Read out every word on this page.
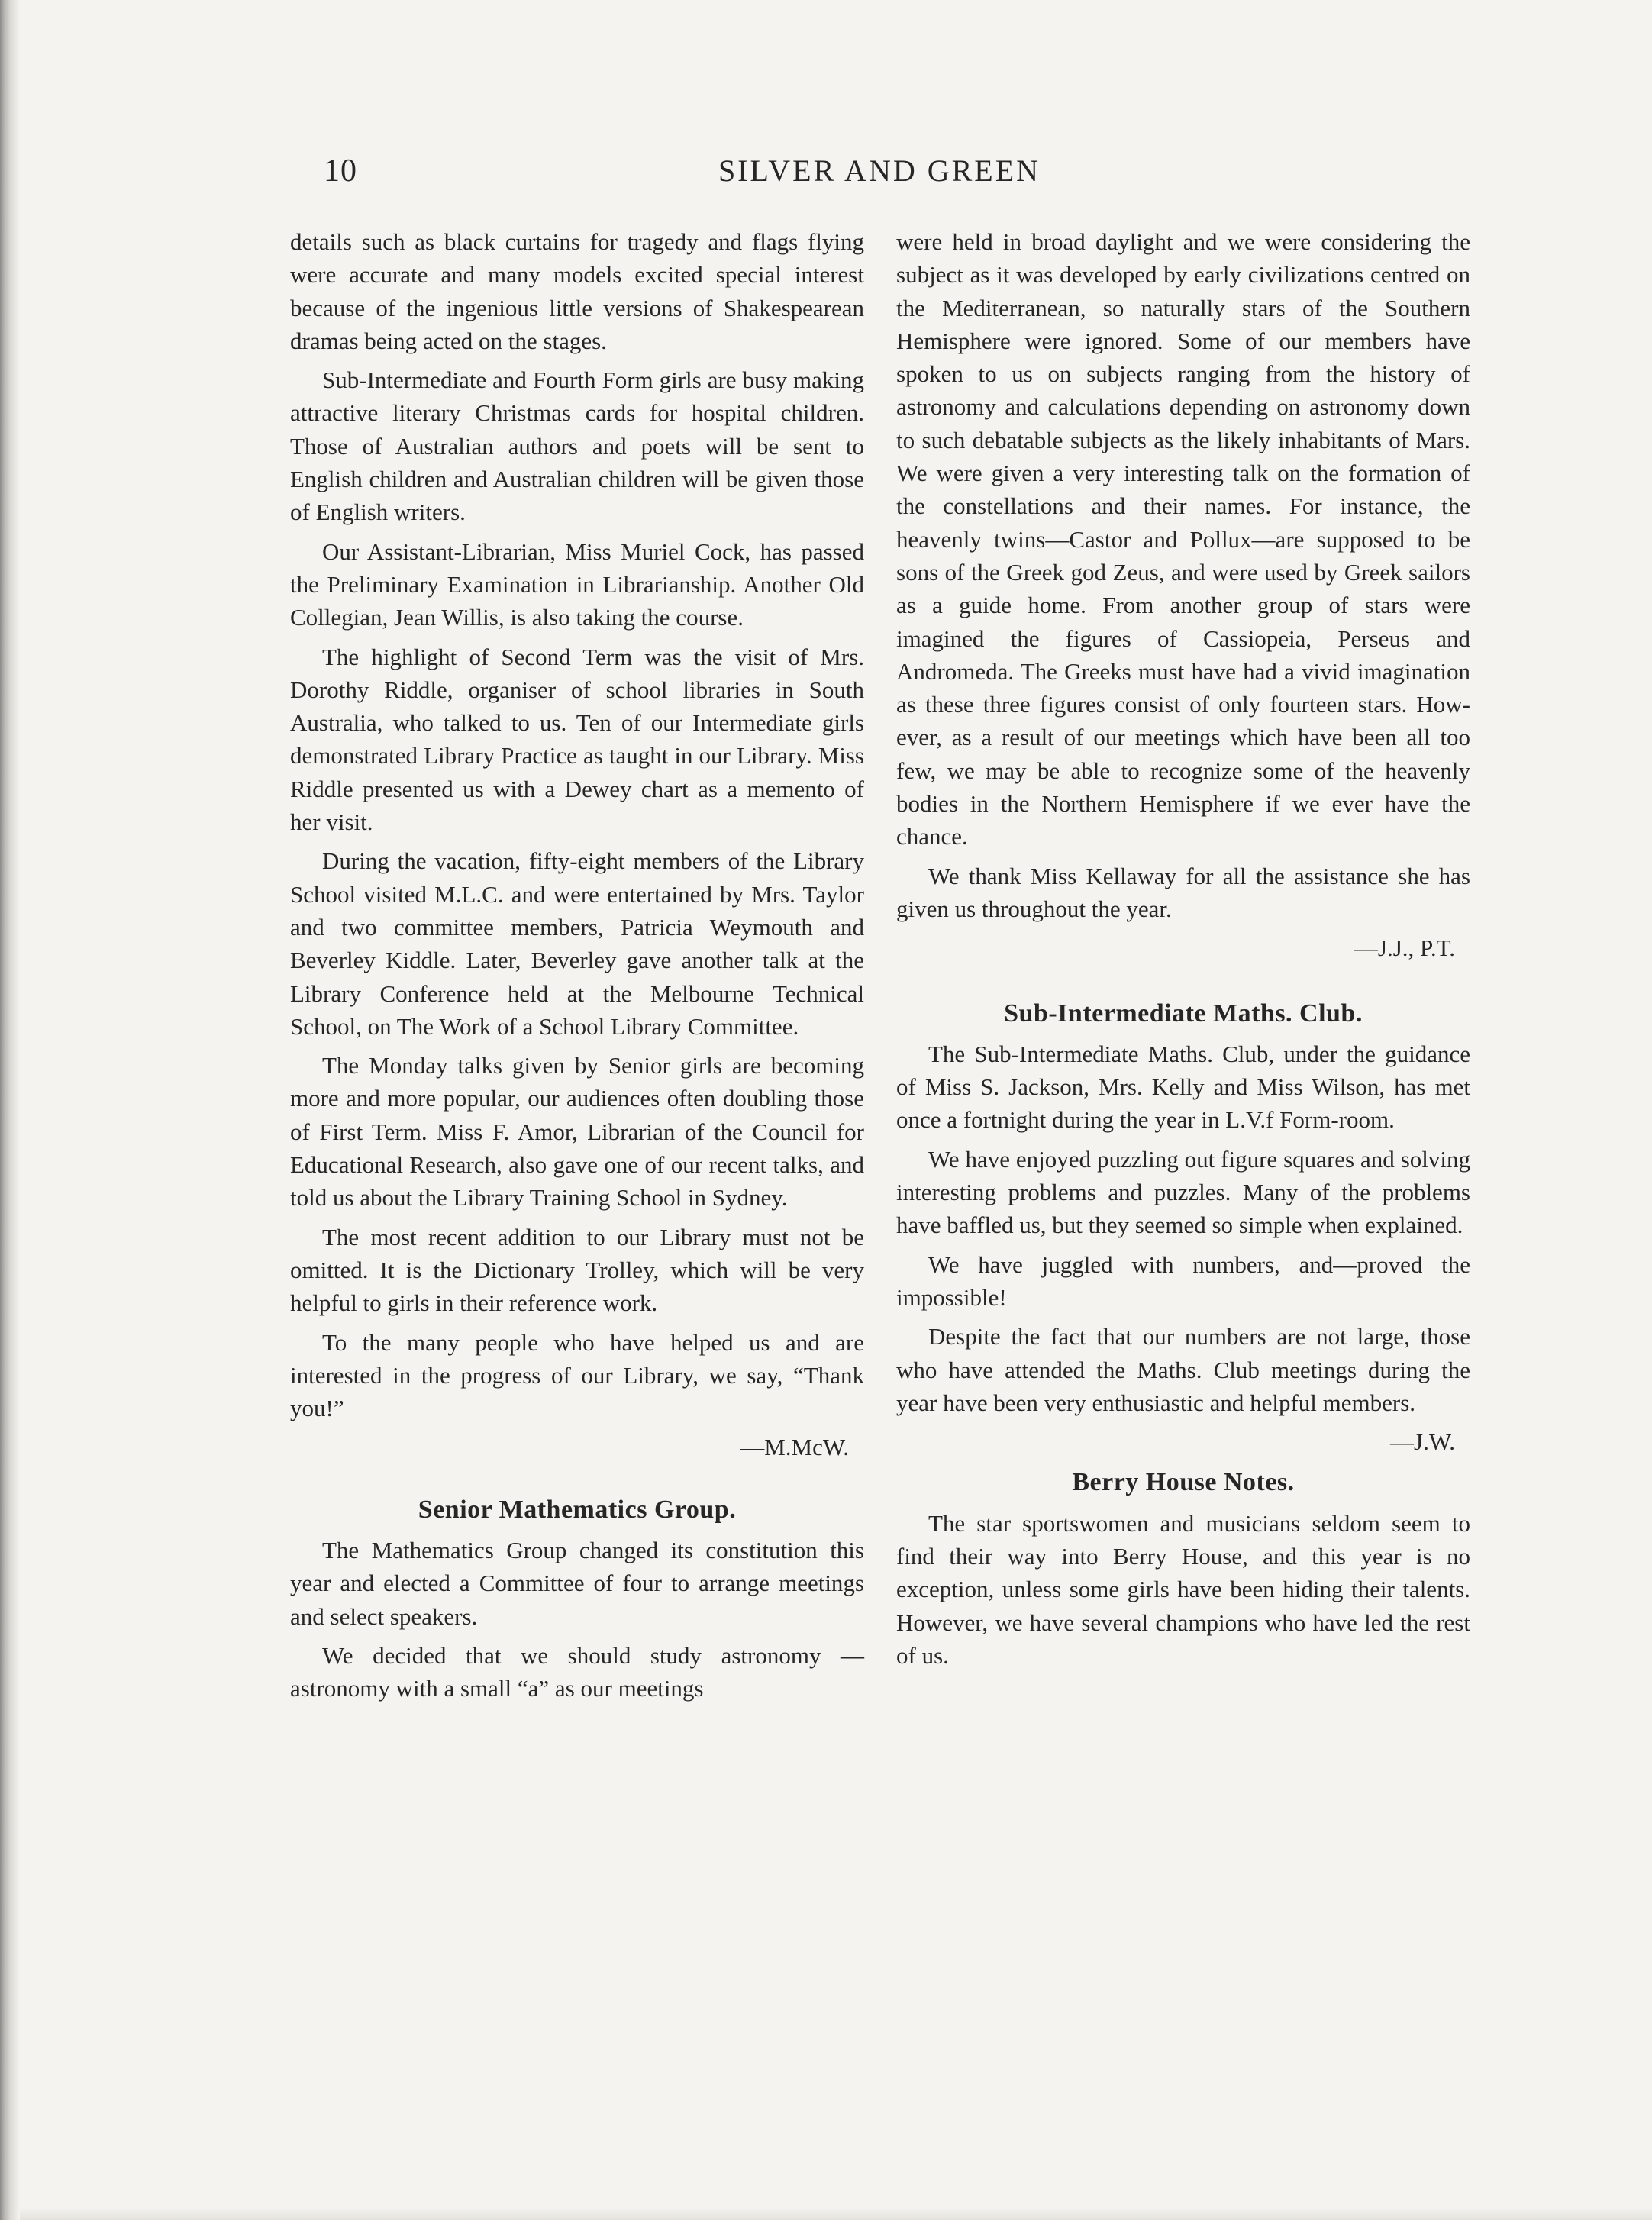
10	SILVER AND GREEN

details such as black curtains for tragedy and flags flying were accurate and many models excited special interest because of the ingenious little versions of Shakespearean dramas being acted on the stages.

Sub-Intermediate and Fourth Form girls are busy making attractive literary Christmas cards for hospital children. Those of Australian authors and poets will be sent to English children and Australian children will be given those of English writers.

Our Assistant-Librarian, Miss Muriel Cock, has passed the Preliminary Examination in Librarianship. Another Old Collegian, Jean Willis, is also taking the course.

The highlight of Second Term was the visit of Mrs. Dorothy Riddle, organiser of school libraries in South Australia, who talked to us. Ten of our Intermediate girls demonstrated Library Practice as taught in our Library. Miss Riddle presented us with a Dewey chart as a memento of her visit.

During the vacation, fifty-eight members of the Library School visited M.L.C. and were entertained by Mrs. Taylor and two committee members, Patricia Weymouth and Beverley Kiddle. Later, Beverley gave another talk at the Library Conference held at the Melbourne Technical School, on The Work of a School Library Committee.

The Monday talks given by Senior girls are becoming more and more popular, our audiences often doubling those of First Term. Miss F. Amor, Librarian of the Council for Educational Research, also gave one of our recent talks, and told us about the Library Training School in Sydney.

The most recent addition to our Library must not be omitted. It is the Dictionary Trolley, which will be very helpful to girls in their reference work.

To the many people who have helped us and are interested in the progress of our Library, we say, “Thank you!”

—M.McW.
Senior Mathematics Group.

The Mathematics Group changed its constitution this year and elected a Committee of four to arrange meetings and select speakers.

We decided that we should study astronomy —astronomy with a small “a” as our meetings

were held in broad daylight and we were considering the subject as it was developed by early civilizations centred on the Mediterranean, so naturally stars of the Southern Hemisphere were ignored. Some of our members have spoken to us on subjects ranging from the history of astronomy and calculations depending on astronomy down to such debatable subjects as the likely inhabitants of Mars. We were given a very interesting talk on the formation of the constellations and their names. For instance, the heavenly twins—Castor and Pollux—are supposed to be sons of the Greek god Zeus, and were used by Greek sailors as a guide home. From another group of stars were imagined the figures of Cassiopeia, Perseus and Andromeda. The Greeks must have had a vivid imagination as these three figures consist of only fourteen stars. However, as a result of our meetings which have been all too few, we may be able to recognize some of the heavenly bodies in the Northern Hemisphere if we ever have the chance.

We thank Miss Kellaway for all the assistance she has given us throughout the year.

—J.J., P.T.
Sub-Intermediate Maths. Club.

The Sub-Intermediate Maths. Club, under the guidance of Miss S. Jackson, Mrs. Kelly and Miss Wilson, has met once a fortnight during the year in L.V.f Form-room.

We have enjoyed puzzling out figure squares and solving interesting problems and puzzles. Many of the problems have baffled us, but they seemed so simple when explained.

We have juggled with numbers, and—proved the impossible!

Despite the fact that our numbers are not large, those who have attended the Maths. Club meetings during the year have been very enthusiastic and helpful members.

—J.W.
Berry House Notes.

The star sportswomen and musicians seldom seem to find their way into Berry House, and this year is no exception, unless some girls have been hiding their talents. However, we have several champions who have led the rest of us.
